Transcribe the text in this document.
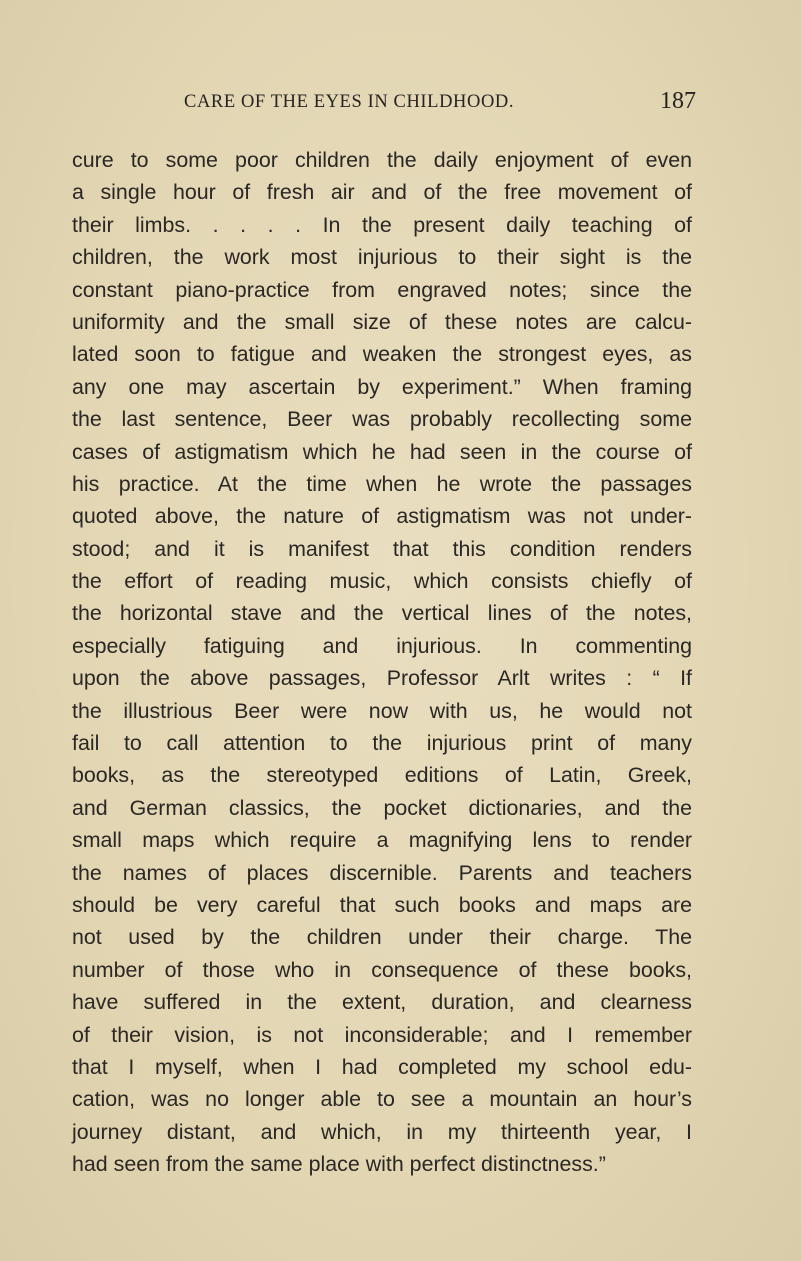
CARE OF THE EYES IN CHILDHOOD.	187
cure to some poor children the daily enjoyment of even
a single hour of fresh air and of the free movement of
their limbs. . . . . In the present daily teaching of
children, the work most injurious to their sight is the
constant piano-practice from engraved notes; since the
uniformity and the small size of these notes are calcu-
lated soon to fatigue and weaken the strongest eyes, as
any one may ascertain by experiment.” When framing
the last sentence, Beer was probably recollecting some
cases of astigmatism which he had seen in the course of
his practice. At the time when he wrote the passages
quoted above, the nature of astigmatism was not under-
stood; and it is manifest that this condition renders
the effort of reading music, which consists chiefly of
the horizontal stave and the vertical lines of the notes,
especially fatiguing and injurious. In commenting
upon the above passages, Professor Arlt writes : “ If
the illustrious Beer were now with us, he would not
fail to call attention to the injurious print of many
books, as the stereotyped editions of Latin, Greek,
and German classics, the pocket dictionaries, and the
small maps which require a magnifying lens to render
the names of places discernible. Parents and teachers
should be very careful that such books and maps are
not used by the children under their charge. The
number of those who in consequence of these books,
have suffered in the extent, duration, and clearness
of their vision, is not inconsiderable; and I remember
that I myself, when I had completed my school edu-
cation, was no longer able to see a mountain an hour’s
journey distant, and which, in my thirteenth year, I
had seen from the same place with perfect distinctness.”
